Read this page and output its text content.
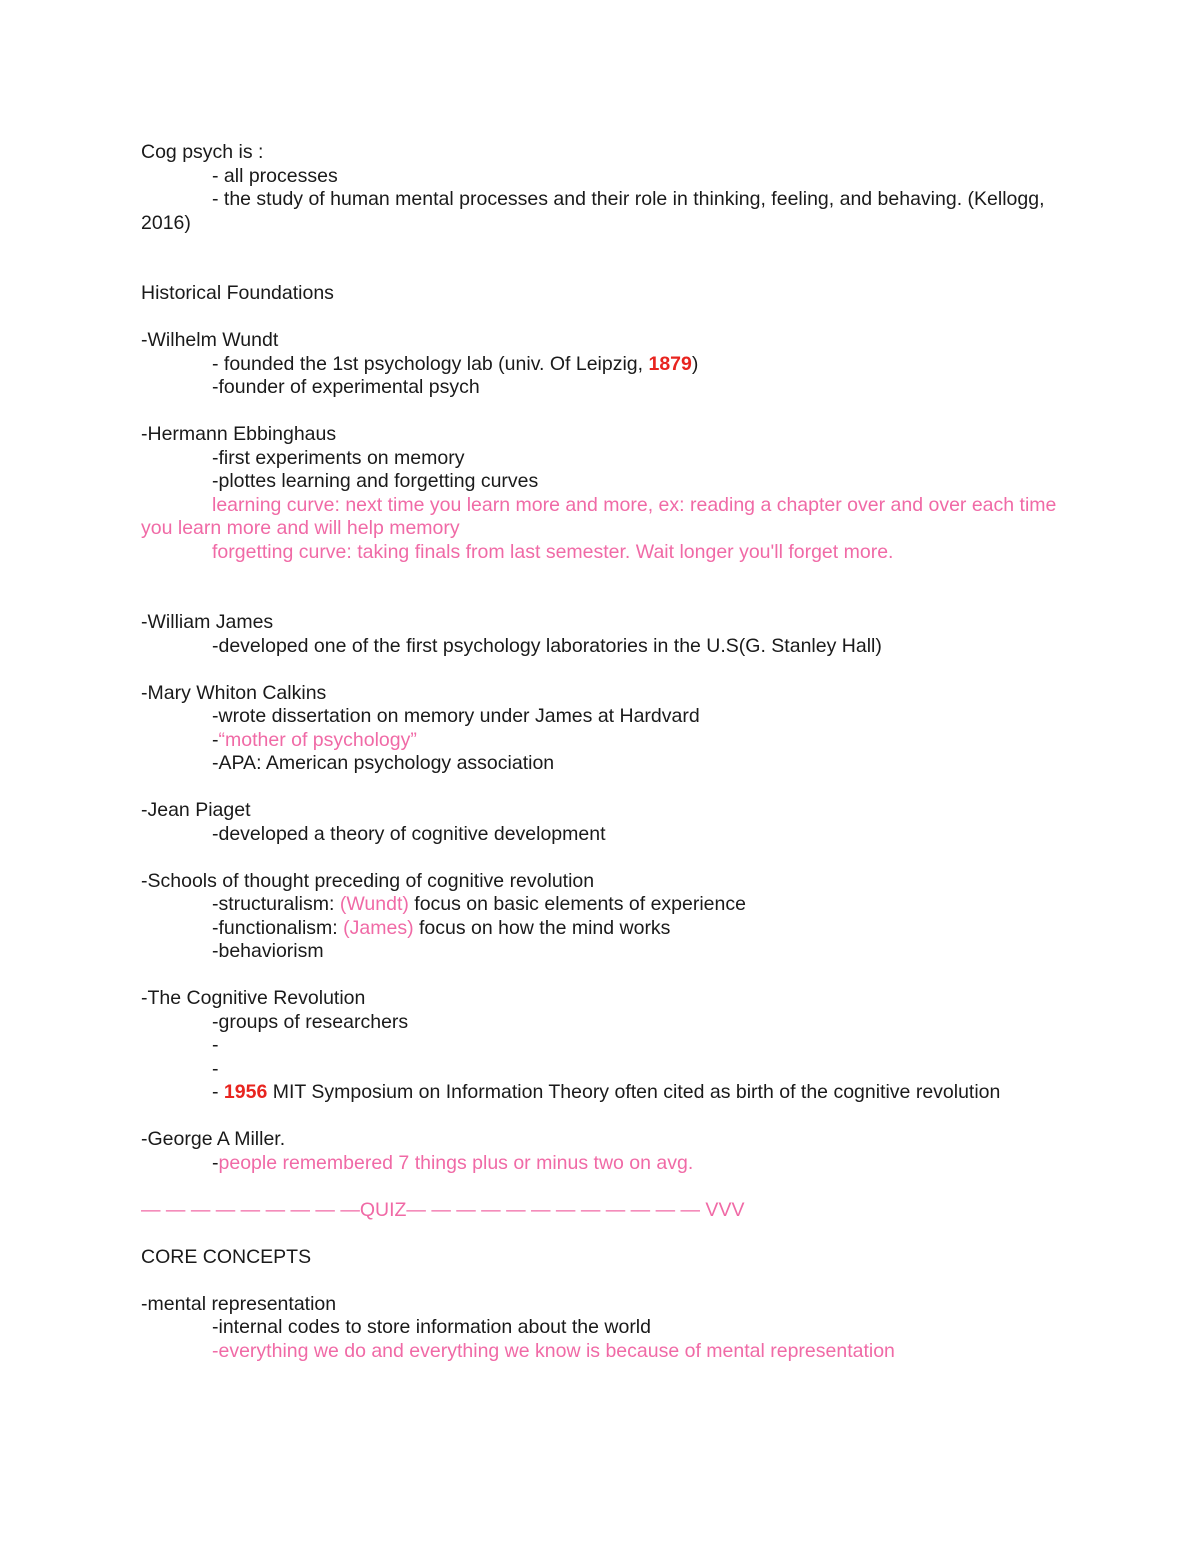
Cog psych is :

- all processes

- the study of human mental processes and their role in thinking, feeling, and behaving. (Kellogg, 2016)

Historical Foundations

-Wilhelm Wundt

- founded the 1st psychology lab (univ. Of Leipzig, 1879)

-founder of experimental psych

-Hermann Ebbinghaus

-first experiments on memory

-plottes learning and forgetting curves

learning curve: next time you learn more and more, ex: reading a chapter over and over each time you learn more and will help memory

forgetting curve: taking finals from last semester. Wait longer you'll forget more.

-William James

-developed one of the first psychology laboratories in the U.S(G. Stanley Hall)

-Mary Whiton Calkins

-wrote dissertation on memory under James at Hardvard

-“mother of psychology”

-APA: American psychology association

-Jean Piaget

-developed a theory of cognitive development

-Schools of thought preceding of cognitive revolution

-structuralism: (Wundt) focus on basic elements of experience

-functionalism: (James) focus on how the mind works

-behaviorism

-The Cognitive Revolution

-groups of researchers

-

-

- 1956 MIT Symposium on Information Theory often cited as birth of the cognitive revolution

-George A Miller.

-people remembered 7 things plus or minus two on avg.

— — — — — — — — —QUIZ— — — — — — — — — — — — VVV

CORE CONCEPTS

-mental representation

-internal codes to store information about the world

-everything we do and everything we know is because of mental representation
